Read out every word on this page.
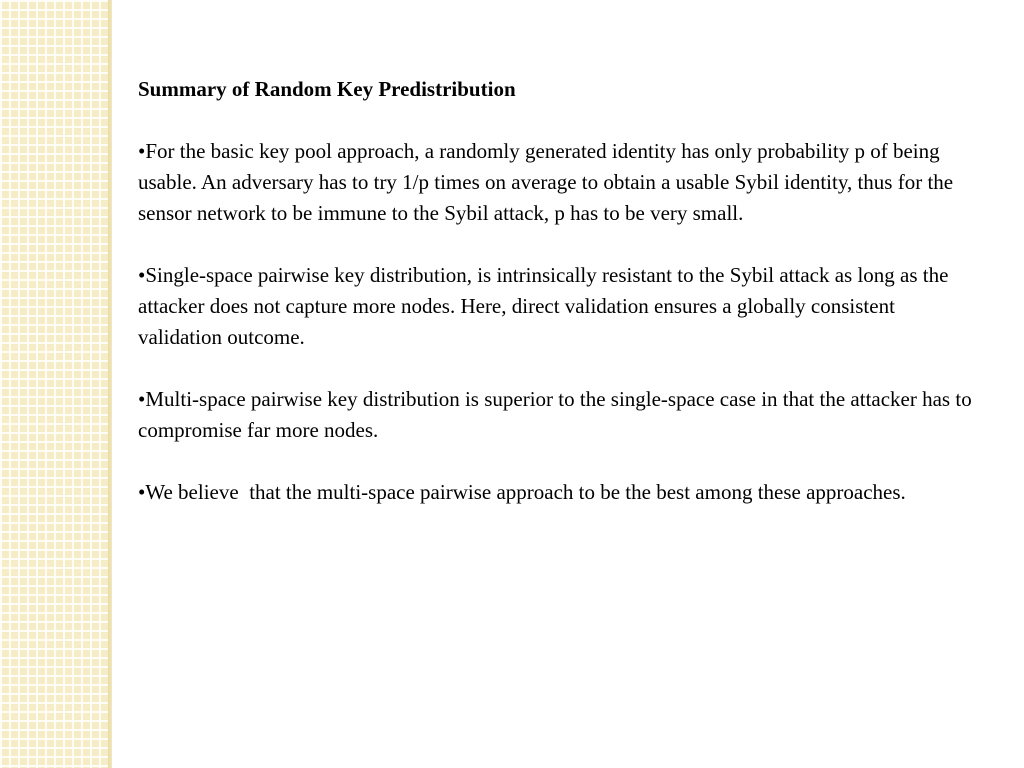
Summary of Random Key Predistribution
•For the basic key pool approach, a randomly generated identity has only probability p of being usable. An adversary has to try 1/p times on average to obtain a usable Sybil identity, thus for the sensor network to be immune to the Sybil attack, p has to be very small.
•Single-space pairwise key distribution, is intrinsically resistant to the Sybil attack as long as the attacker does not capture more nodes. Here, direct validation ensures a globally consistent validation outcome.
•Multi-space pairwise key distribution is superior to the single-space case in that the attacker has to compromise far more nodes.
•We believe  that the multi-space pairwise approach to be the best among these approaches.
